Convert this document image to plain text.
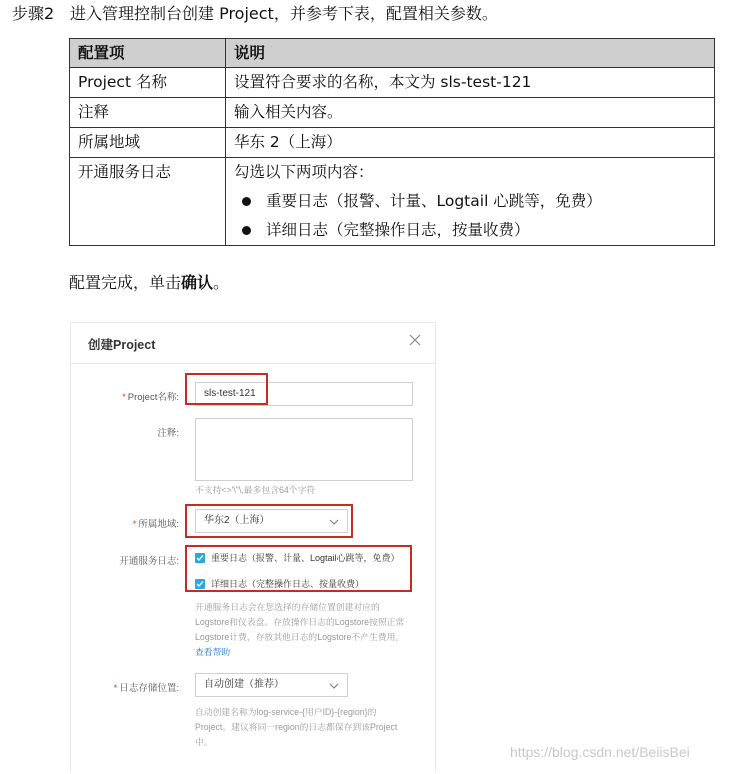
步骤2 进入管理控制台创建 Project，并参考下表，配置相关参数。
配置项	说明
Project 名称	设置符合要求的名称，本文为 sls-test-121
注释	输入相关内容。
所属地域	华东 2（上海）
开通服务日志	勾选以下两项内容：
重要日志（报警、计量、Logtail 心跳等，免费）
详细日志（完整操作日志，按量收费）
配置完成，单击确认。
创建Project
* Project名称:	sls-test-121
注释:
不支持<>'\"\,最多包含64个字符
* 所属地域:	华东2（上海）
开通服务日志:	重要日志（报警、计量、Logtail心跳等，免费）
详细日志（完整操作日志、按量收费）
开通服务日志会在您选择的存储位置创建对应的
Logstore和仪表盘。存放操作日志的Logstore按照正常
Logstore计费，存放其他日志的Logstore不产生费用。
查看帮助
* 日志存储位置:	自动创建（推荐）
自动创建名称为log-service-{用户ID}-{region}的
Project。建议将同一region的日志都保存到该Project
中。
https://blog.csdn.net/BeiisBei
